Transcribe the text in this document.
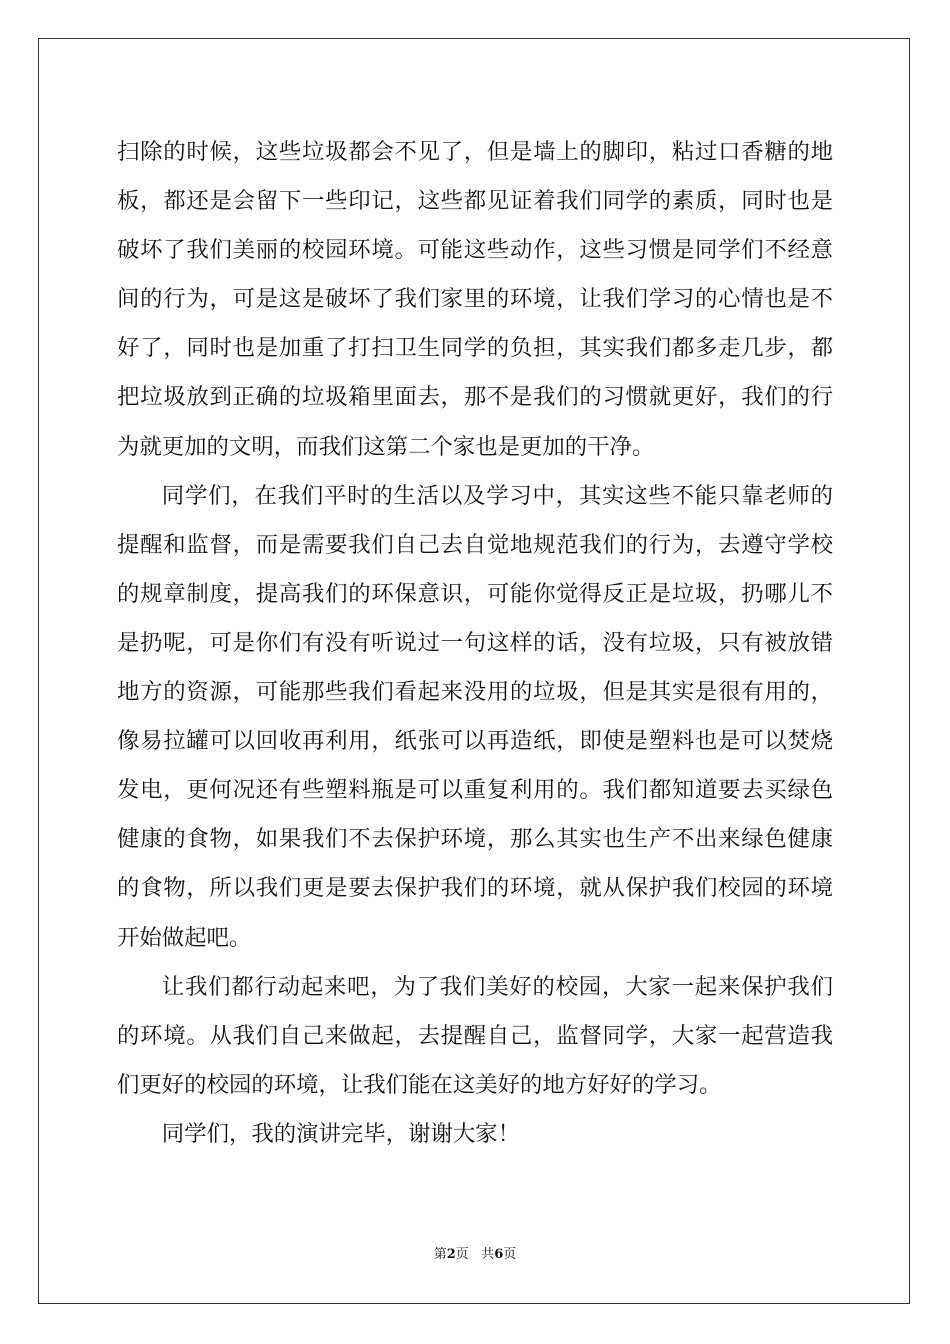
扫除的时候，这些垃圾都会不见了，但是墙上的脚印，粘过口香糖的地板，都还是会留下一些印记，这些都见证着我们同学的素质，同时也是破坏了我们美丽的校园环境。可能这些动作，这些习惯是同学们不经意间的行为，可是这是破坏了我们家里的环境，让我们学习的心情也是不好了，同时也是加重了打扫卫生同学的负担，其实我们都多走几步，都把垃圾放到正确的垃圾箱里面去，那不是我们的习惯就更好，我们的行为就更加的文明，而我们这第二个家也是更加的干净。

同学们，在我们平时的生活以及学习中，其实这些不能只靠老师的提醒和监督，而是需要我们自己去自觉地规范我们的行为，去遵守学校的规章制度，提高我们的环保意识，可能你觉得反正是垃圾，扔哪儿不是扔呢，可是你们有没有听说过一句这样的话，没有垃圾，只有被放错地方的资源，可能那些我们看起来没用的垃圾，但是其实是很有用的，像易拉罐可以回收再利用，纸张可以再造纸，即使是塑料也是可以焚烧发电，更何况还有些塑料瓶是可以重复利用的。我们都知道要去买绿色健康的食物，如果我们不去保护环境，那么其实也生产不出来绿色健康的食物，所以我们更是要去保护我们的环境，就从保护我们校园的环境开始做起吧。

让我们都行动起来吧，为了我们美好的校园，大家一起来保护我们的环境。从我们自己来做起，去提醒自己，监督同学，大家一起营造我们更好的校园的环境，让我们能在这美好的地方好好的学习。

同学们，我的演讲完毕，谢谢大家！

第2页 共6页
